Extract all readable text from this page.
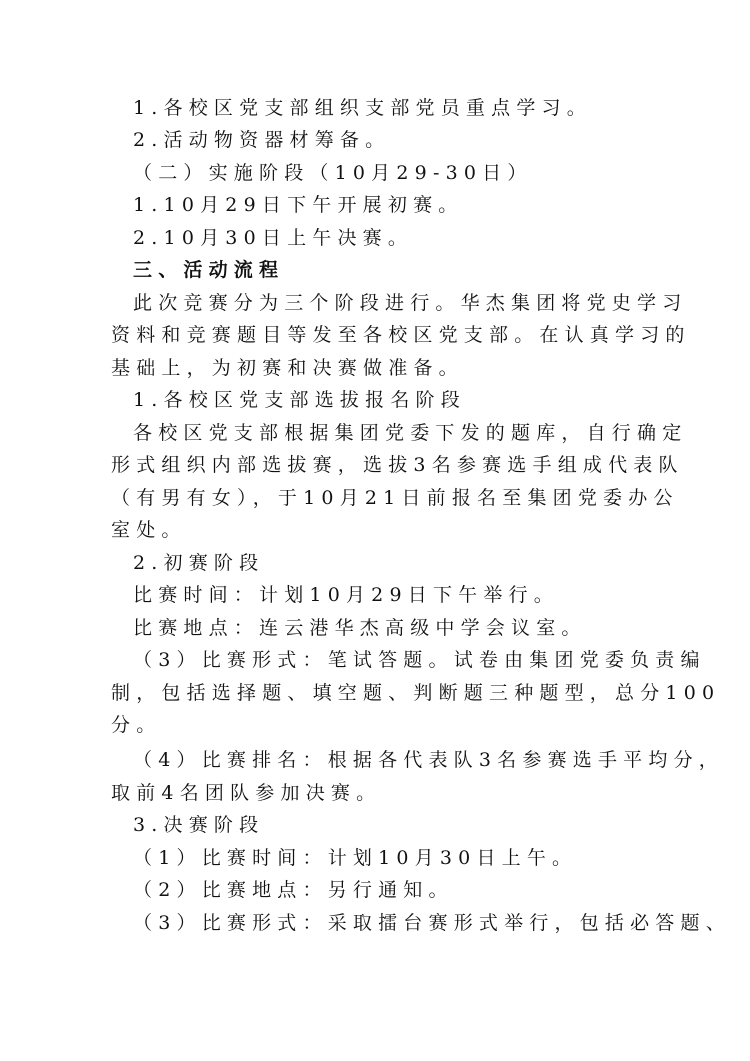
1.各校区党支部组织支部党员重点学习。
2.活动物资器材筹备。
（二）实施阶段（10月29-30日）
1.10月29日下午开展初赛。
2.10月30日上午决赛。
三、活动流程
此次竞赛分为三个阶段进行。华杰集团将党史学习
资料和竞赛题目等发至各校区党支部。在认真学习的
基础上，为初赛和决赛做准备。
1.各校区党支部选拔报名阶段
各校区党支部根据集团党委下发的题库，自行确定
形式组织内部选拔赛，选拔3名参赛选手组成代表队
（有男有女），于10月21日前报名至集团党委办公
室处。
2.初赛阶段
比赛时间：计划10月29日下午举行。
比赛地点：连云港华杰高级中学会议室。
（3）比赛形式：笔试答题。试卷由集团党委负责编
制，包括选择题、填空题、判断题三种题型，总分100
分。
（4）比赛排名：根据各代表队3名参赛选手平均分，
取前4名团队参加决赛。
3.决赛阶段
（1）比赛时间：计划10月30日上午。
（2）比赛地点：另行通知。
（3）比赛形式：采取擂台赛形式举行，包括必答题、
